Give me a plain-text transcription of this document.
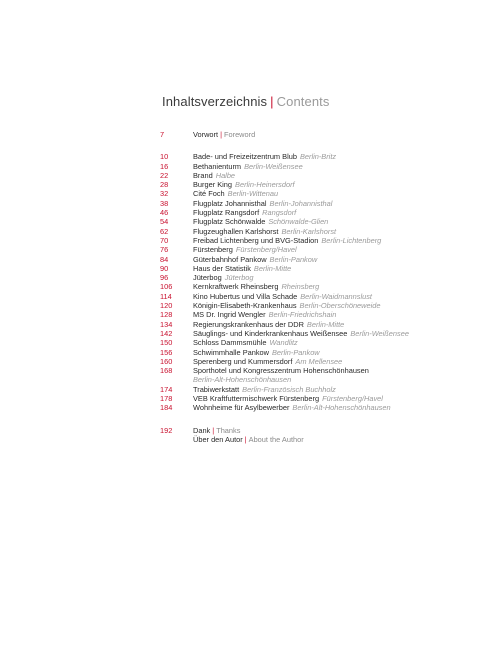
Inhaltsverzeichnis | Contents
7	Vorwort | Foreword
10	Bade- und Freizeitzentrum Blub Berlin-Britz
16	Bethanienturm Berlin-Weißensee
22	Brand Halbe
28	Burger King Berlin-Heinersdorf
32	Cité Foch Berlin-Wittenau
38	Flugplatz Johannisthal Berlin-Johannisthal
46	Flugplatz Rangsdorf Rangsdorf
54	Flugplatz Schönwalde Schönwalde-Glien
62	Flugzeughallen Karlshorst Berlin-Karlshorst
70	Freibad Lichtenberg und BVG-Stadion Berlin-Lichtenberg
76	Fürstenberg Fürstenberg/Havel
84	Güterbahnhof Pankow Berlin-Pankow
90	Haus der Statistik Berlin-Mitte
96	Jüterbog Jüterbog
106	Kernkraftwerk Rheinsberg Rheinsberg
114	Kino Hubertus und Villa Schade Berlin-Waidmannslust
120	Königin-Elisabeth-Krankenhaus Berlin-Oberschöneweide
128	MS Dr. Ingrid Wengler Berlin-Friedrichshain
134	Regierungskrankenhaus der DDR Berlin-Mitte
142	Säuglings- und Kinderkrankenhaus Weißensee Berlin-Weißensee
150	Schloss Dammsmühle Wandlitz
156	Schwimmhalle Pankow Berlin-Pankow
160	Sperenberg und Kummersdorf Am Mellensee
168	Sporthotel und Kongresszentrum Hohenschönhausen
Berlin-Alt-Hohenschönhausen
174	Trabiwerkstatt Berlin-Französisch Buchholz
178	VEB Kraftfuttermischwerk Fürstenberg Fürstenberg/Havel
184	Wohnheime für Asylbewerber Berlin-Alt-Hohenschönhausen
192	Dank | Thanks
Über den Autor | About the Author
